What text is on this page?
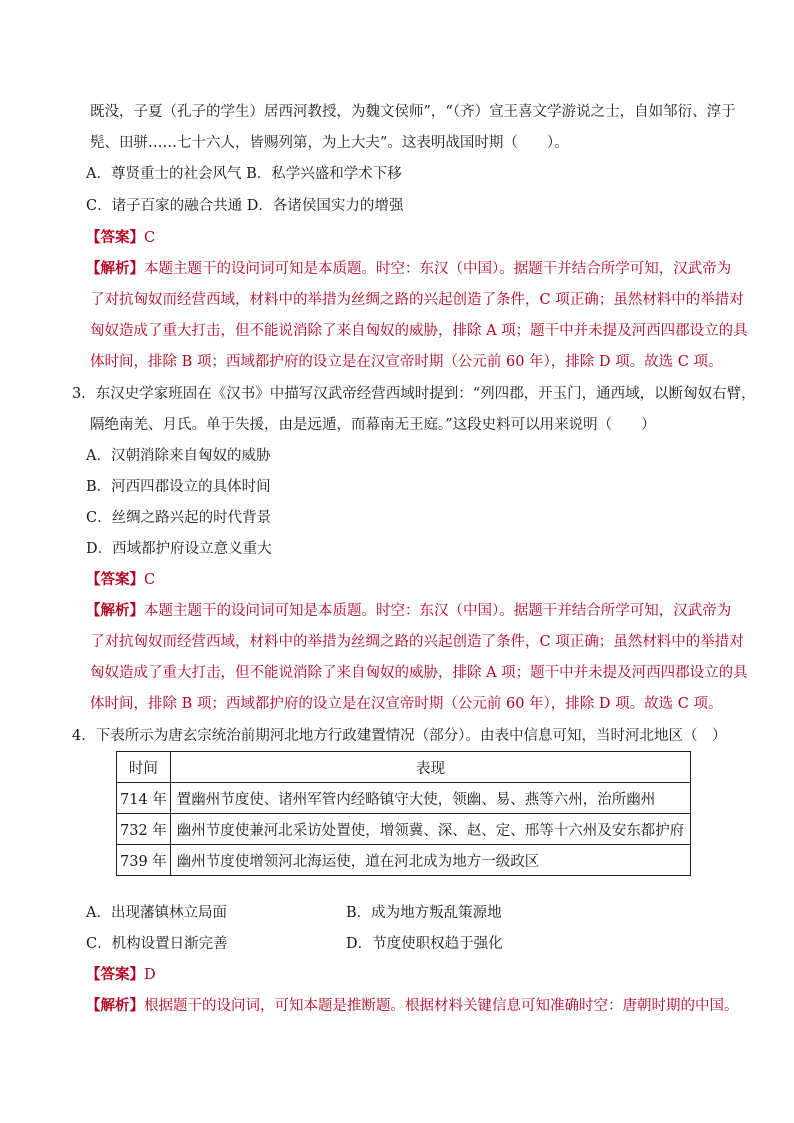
既没，子夏（孔子的学生）居西河教授，为魏文侯师”，“（齐）宣王喜文学游说之士，自如邹衍、淳于
髡、田骈……七十六人，皆赐列第，为上大夫”。这表明战国时期（　　）。
A．尊贤重士的社会风气 B．私学兴盛和学术下移
C．诸子百家的融合共通 D．各诸侯国实力的增强
【答案】C
【解析】本题主题干的设问词可知是本质题。时空：东汉（中国）。据题干并结合所学可知，汉武帝为
了对抗匈奴而经营西域，材料中的举措为丝绸之路的兴起创造了条件，C 项正确；虽然材料中的举措对
匈奴造成了重大打击，但不能说消除了来自匈奴的威胁，排除 A 项；题干中并未提及河西四郡设立的具
体时间，排除 B 项；西域都护府的设立是在汉宣帝时期（公元前 60 年），排除 D 项。故选 C 项。
3．东汉史学家班固在《汉书》中描写汉武帝经营西域时提到：“列四郡，开玉门，通西域，以断匈奴右臂，
隔绝南羌、月氏。单于失援，由是远遁，而幕南无王庭。”这段史料可以用来说明（　　）
A．汉朝消除来自匈奴的威胁
B．河西四郡设立的具体时间
C．丝绸之路兴起的时代背景
D．西域都护府设立意义重大
【答案】C
【解析】本题主题干的设问词可知是本质题。时空：东汉（中国）。据题干并结合所学可知，汉武帝为
了对抗匈奴而经营西域，材料中的举措为丝绸之路的兴起创造了条件，C 项正确；虽然材料中的举措对
匈奴造成了重大打击，但不能说消除了来自匈奴的威胁，排除 A 项；题干中并未提及河西四郡设立的具
体时间，排除 B 项；西域都护府的设立是在汉宣帝时期（公元前 60 年），排除 D 项。故选 C 项。
4．下表所示为唐玄宗统治前期河北地方行政建置情况（部分）。由表中信息可知，当时河北地区（　）
时间	表现
714 年	置幽州节度使、诸州军管内经略镇守大使，领幽、易、燕等六州，治所幽州
732 年	幽州节度使兼河北采访处置使，增领冀、深、赵、定、邢等十六州及安东都护府
739 年	幽州节度使增领河北海运使，道在河北成为地方一级政区
A．出现藩镇林立局面	B．成为地方叛乱策源地
C．机构设置日渐完善	D．节度使职权趋于强化
【答案】D
【解析】根据题干的设问词，可知本题是推断题。根据材料关键信息可知准确时空：唐朝时期的中国。
